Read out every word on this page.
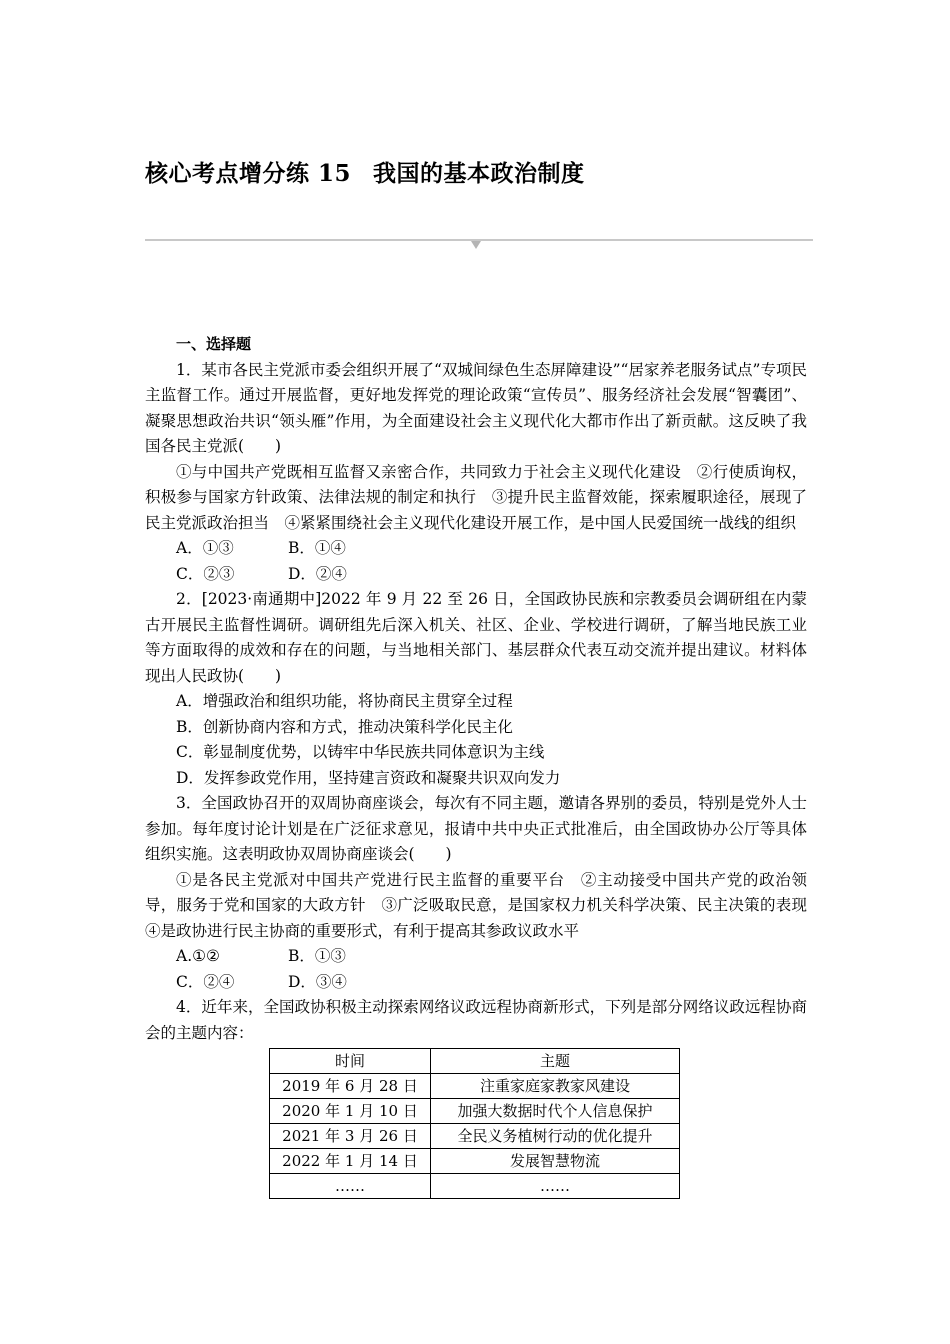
核心考点增分练 15 我国的基本政治制度

一、选择题

1．某市各民主党派市委会组织开展了“双城间绿色生态屏障建设”“居家养老服务试点”专项民主监督工作。通过开展监督，更好地发挥党的理论政策“宣传员”、服务经济社会发展“智囊团”、凝聚思想政治共识“领头雁”作用，为全面建设社会主义现代化大都市作出了新贡献。这反映了我国各民主党派(　　)

①与中国共产党既相互监督又亲密合作，共同致力于社会主义现代化建设　②行使质询权，积极参与国家方针政策、法律法规的制定和执行　③提升民主监督效能，探索履职途径，展现了民主党派政治担当　④紧紧围绕社会主义现代化建设开展工作，是中国人民爱国统一战线的组织

A．①③	B．①④

C．②③	D．②④

2．[2023·南通期中]2022 年 9 月 22 至 26 日，全国政协民族和宗教委员会调研组在内蒙古开展民主监督性调研。调研组先后深入机关、社区、企业、学校进行调研，了解当地民族工业等方面取得的成效和存在的问题，与当地相关部门、基层群众代表互动交流并提出建议。材料体现出人民政协(　　)

A．增强政治和组织功能，将协商民主贯穿全过程

B．创新协商内容和方式，推动决策科学化民主化

C．彰显制度优势，以铸牢中华民族共同体意识为主线

D．发挥参政党作用，坚持建言资政和凝聚共识双向发力

3．全国政协召开的双周协商座谈会，每次有不同主题，邀请各界别的委员，特别是党外人士参加。每年度讨论计划是在广泛征求意见，报请中共中央正式批准后，由全国政协办公厅等具体组织实施。这表明政协双周协商座谈会(　　)

①是各民主党派对中国共产党进行民主监督的重要平台　②主动接受中国共产党的政治领导，服务于党和国家的大政方针　③广泛吸取民意，是国家权力机关科学决策、民主决策的表现　④是政协进行民主协商的重要形式，有利于提高其参政议政水平

A.①②	B．①③

C．②④	D．③④

4．近年来，全国政协积极主动探索网络议政远程协商新形式，下列是部分网络议政远程协商会的主题内容：

时间	主题
2019 年 6 月 28 日	注重家庭家教家风建设
2020 年 1 月 10 日	加强大数据时代个人信息保护
2021 年 3 月 26 日	全民义务植树行动的优化提升
2022 年 1 月 14 日	发展智慧物流
……	……
